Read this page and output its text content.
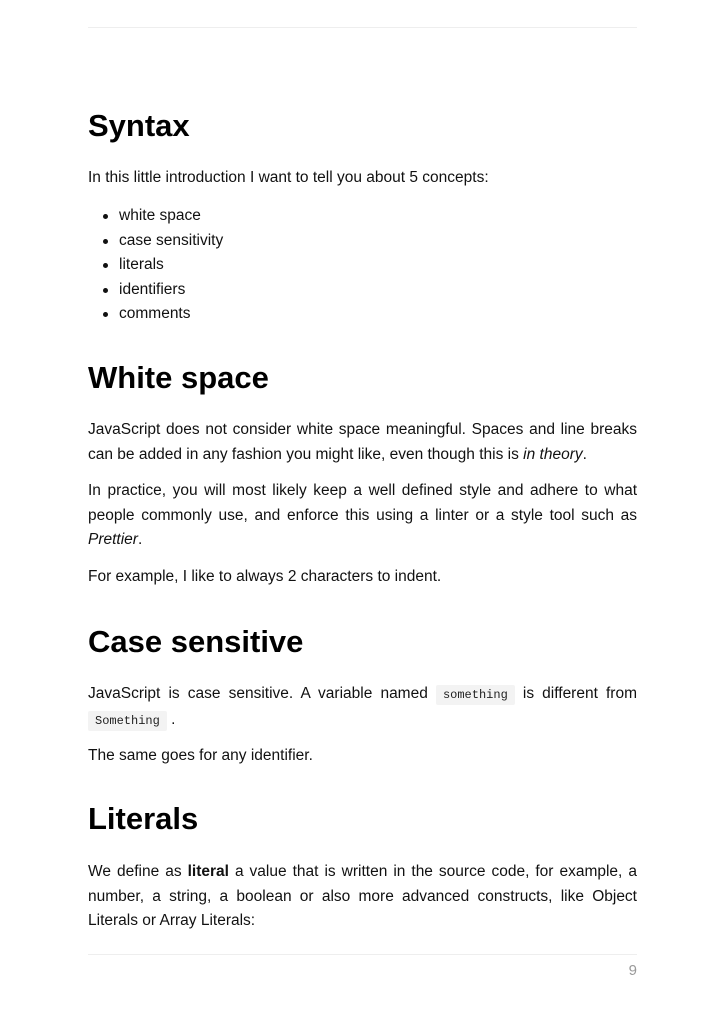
Syntax

In this little introduction I want to tell you about 5 concepts:

white space
case sensitivity
literals
identifiers
comments
White space

JavaScript does not consider white space meaningful. Spaces and line breaks can be added in any fashion you might like, even though this is in theory.

In practice, you will most likely keep a well defined style and adhere to what people commonly use, and enforce this using a linter or a style tool such as Prettier.

For example, I like to always 2 characters to indent.

Case sensitive

JavaScript is case sensitive. A variable named something is different from Something .

The same goes for any identifier.

Literals

We define as literal a value that is written in the source code, for example, a number, a string, a boolean or also more advanced constructs, like Object Literals or Array Literals:

9
